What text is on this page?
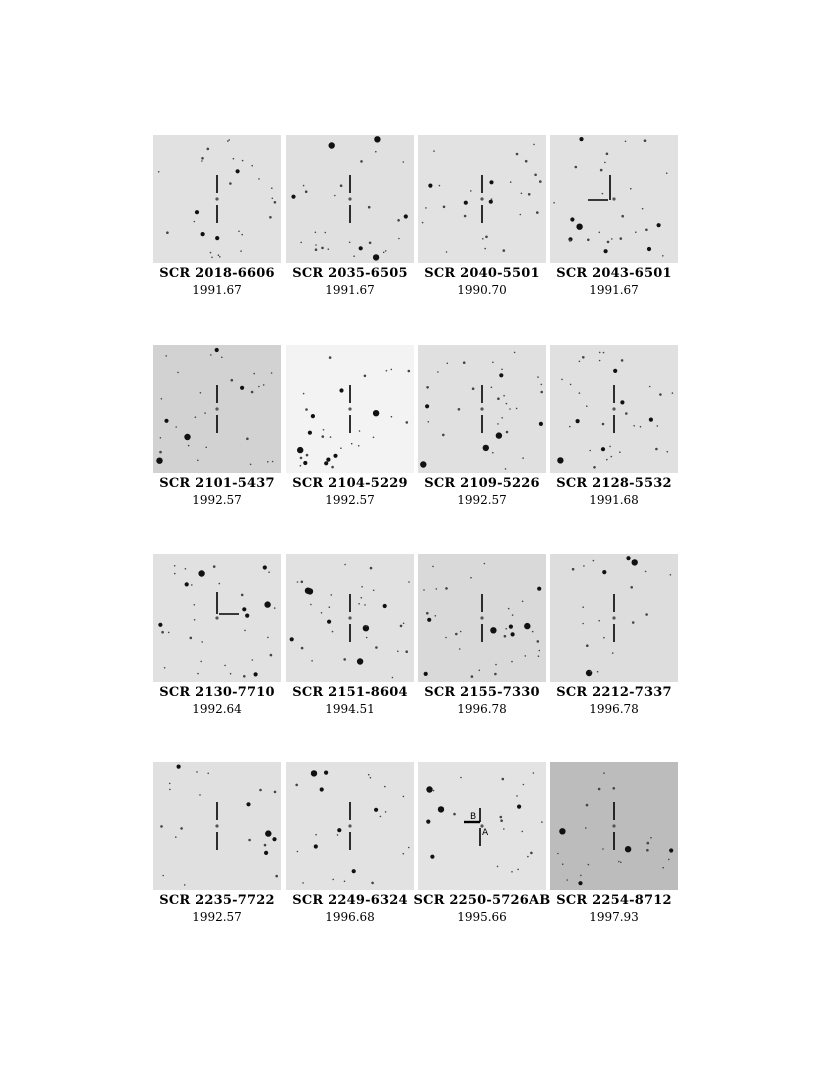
SCR 2018-6606
1991.67
SCR 2035-6505
1991.67
SCR 2040-5501
1990.70
SCR 2043-6501
1991.67
SCR 2101-5437
1992.57
SCR 2104-5229
1992.57
SCR 2109-5226
1992.57
SCR 2128-5532
1991.68
SCR 2130-7710
1992.64
SCR 2151-8604
1994.51
SCR 2155-7330
1996.78
SCR 2212-7337
1996.78
SCR 2235-7722
1992.57
SCR 2249-6324
1996.68
B
A
SCR 2250-5726AB
1995.66
SCR 2254-8712
1997.93
